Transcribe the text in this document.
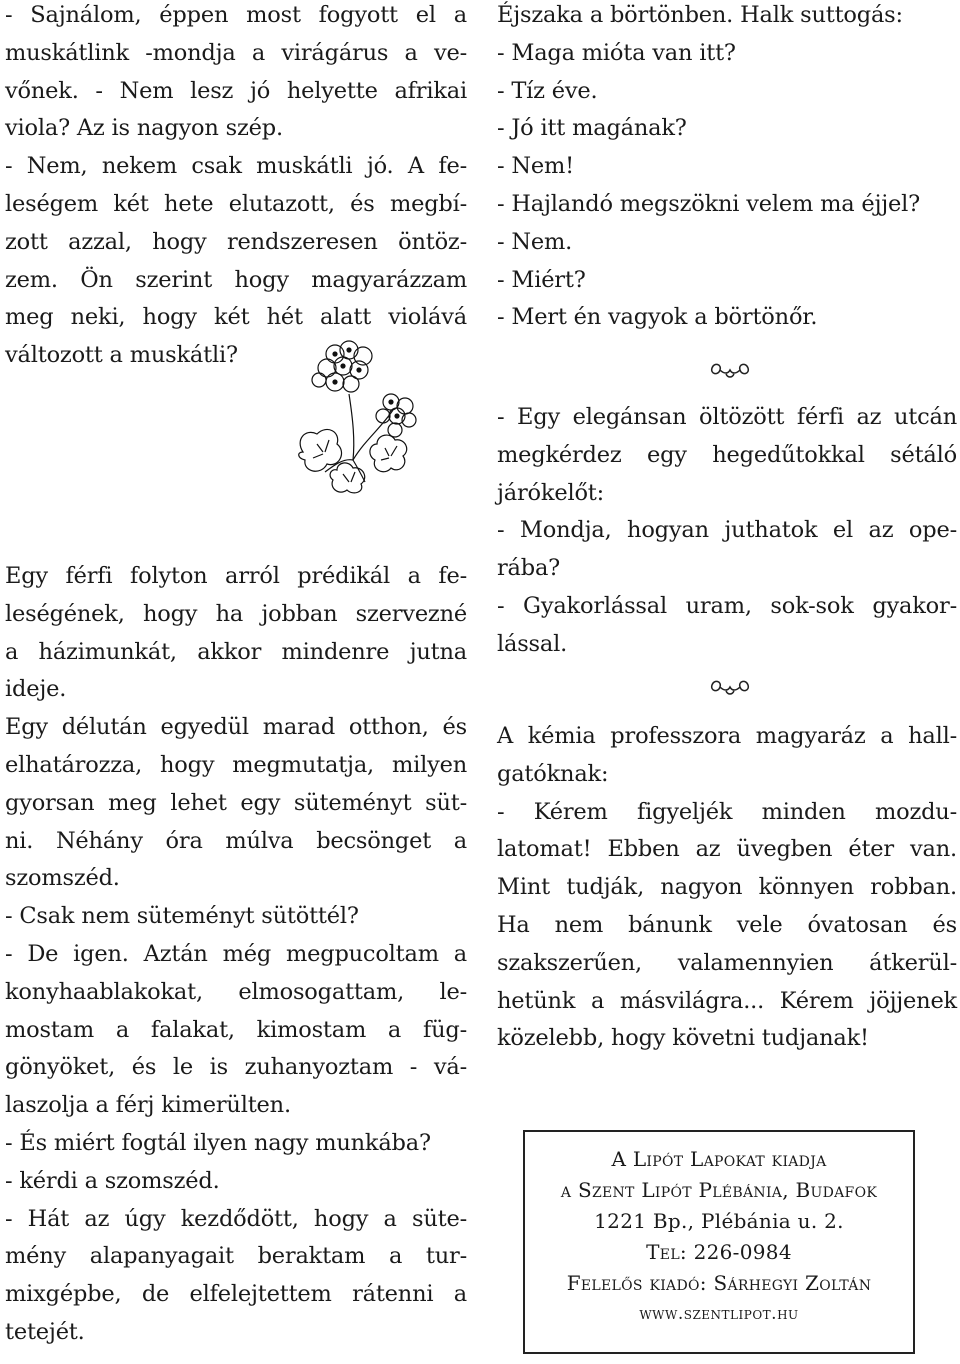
- Sajnálom, éppen most fogyott el a
muskátlink -mondja a virágárus a ve-
vőnek. - Nem lesz jó helyette afrikai
viola? Az is nagyon szép.
- Nem, nekem csak muskátli jó. A fe-
leségem két hete elutazott, és megbí-
zott azzal, hogy rendszeresen öntöz-
zem. Ön szerint hogy magyarázzam
meg neki, hogy két hét alatt violává
változott a muskátli?
Egy férfi folyton arról prédikál a fe-
leségének, hogy ha jobban szervezné
a házimunkát, akkor mindenre jutna
ideje.
Egy délután egyedül marad otthon, és
elhatározza, hogy megmutatja, milyen
gyorsan meg lehet egy süteményt süt-
ni. Néhány óra múlva becsönget a
szomszéd.
- Csak nem süteményt sütöttél?
- De igen. Aztán még megpucoltam a
konyhaablakokat, elmosogattam, le-
mostam a falakat, kimostam a füg-
gönyöket, és le is zuhanyoztam - vá-
laszolja a férj kimerülten.
- És miért fogtál ilyen nagy munkába?
- kérdi a szomszéd.
- Hát az úgy kezdődött, hogy a süte-
mény alapanyagait beraktam a tur-
mixgépbe, de elfelejtettem rátenni a
tetejét.
Éjszaka a börtönben. Halk suttogás:
- Maga mióta van itt?
- Tíz éve.
- Jó itt magának?
- Nem!
- Hajlandó megszökni velem ma éjjel?
- Nem.
- Miért?
- Mert én vagyok a börtönőr.
- Egy elegánsan öltözött férfi az utcán
megkérdez egy hegedűtokkal sétáló
járókelőt:
- Mondja, hogyan juthatok el az ope-
rába?
- Gyakorlással uram, sok-sok gyakor-
lással.
A kémia professzora magyaráz a hall-
gatóknak:
- Kérem figyeljék minden mozdu-
latomat! Ebben az üvegben éter van.
Mint tudják, nagyon könnyen robban.
Ha nem bánunk vele óvatosan és
szakszerűen, valamennyien átkerül-
hetünk a másvilágra... Kérem jöjjenek
közelebb, hogy követni tudjanak!
A Lipót Lapokat kiadja
a Szent Lipót Plébánia, Budafok
1221 Bp., Plébánia u. 2.
Tel: 226-0984
Felelős kiadó: Sárhegyi Zoltán
www.szentlipot.hu
